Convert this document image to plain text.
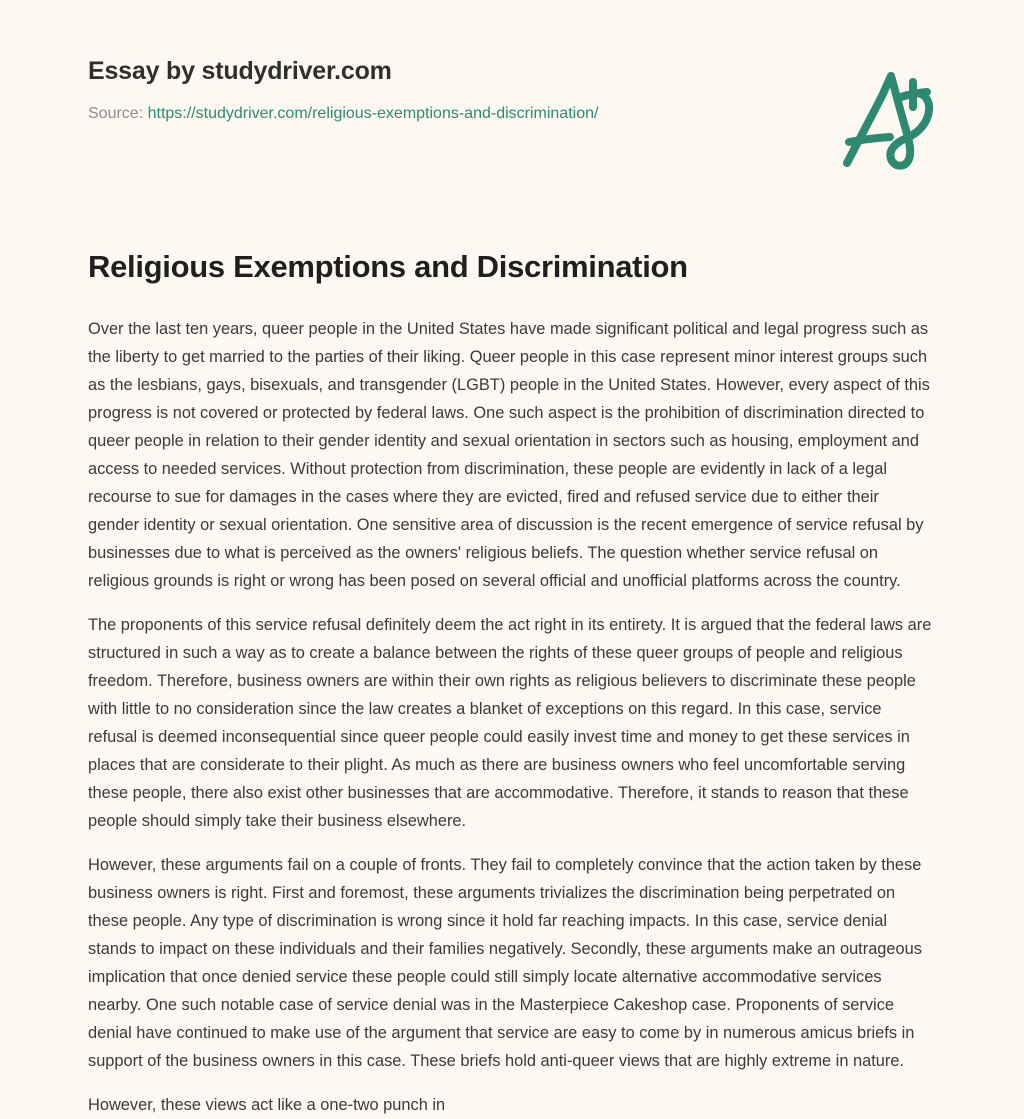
Essay by studydriver.com
Source: https://studydriver.com/religious-exemptions-and-discrimination/
Religious Exemptions and Discrimination

Over the last ten years, queer people in the United States have made significant political and legal progress such as the liberty to get married to the parties of their liking. Queer people in this case represent minor interest groups such as the lesbians, gays, bisexuals, and transgender (LGBT) people in the United States. However, every aspect of this progress is not covered or protected by federal laws. One such aspect is the prohibition of discrimination directed to queer people in relation to their gender identity and sexual orientation in sectors such as housing, employment and access to needed services. Without protection from discrimination, these people are evidently in lack of a legal recourse to sue for damages in the cases where they are evicted, fired and refused service due to either their gender identity or sexual orientation. One sensitive area of discussion is the recent emergence of service refusal by businesses due to what is perceived as the owners' religious beliefs. The question whether service refusal on religious grounds is right or wrong has been posed on several official and unofficial platforms across the country.

The proponents of this service refusal definitely deem the act right in its entirety. It is argued that the federal laws are structured in such a way as to create a balance between the rights of these queer groups of people and religious freedom. Therefore, business owners are within their own rights as religious believers to discriminate these people with little to no consideration since the law creates a blanket of exceptions on this regard. In this case, service refusal is deemed inconsequential since queer people could easily invest time and money to get these services in places that are considerate to their plight. As much as there are business owners who feel uncomfortable serving these people, there also exist other businesses that are accommodative. Therefore, it stands to reason that these people should simply take their business elsewhere.

However, these arguments fail on a couple of fronts. They fail to completely convince that the action taken by these business owners is right. First and foremost, these arguments trivializes the discrimination being perpetrated on these people. Any type of discrimination is wrong since it hold far reaching impacts. In this case, service denial stands to impact on these individuals and their families negatively. Secondly, these arguments make an outrageous implication that once denied service these people could still simply locate alternative accommodative services nearby. One such notable case of service denial was in the Masterpiece Cakeshop case. Proponents of service denial have continued to make use of the argument that service are easy to come by in numerous amicus briefs in support of the business owners in this case. These briefs hold anti-queer views that are highly extreme in nature.

However, these views act like a one-two punch in
